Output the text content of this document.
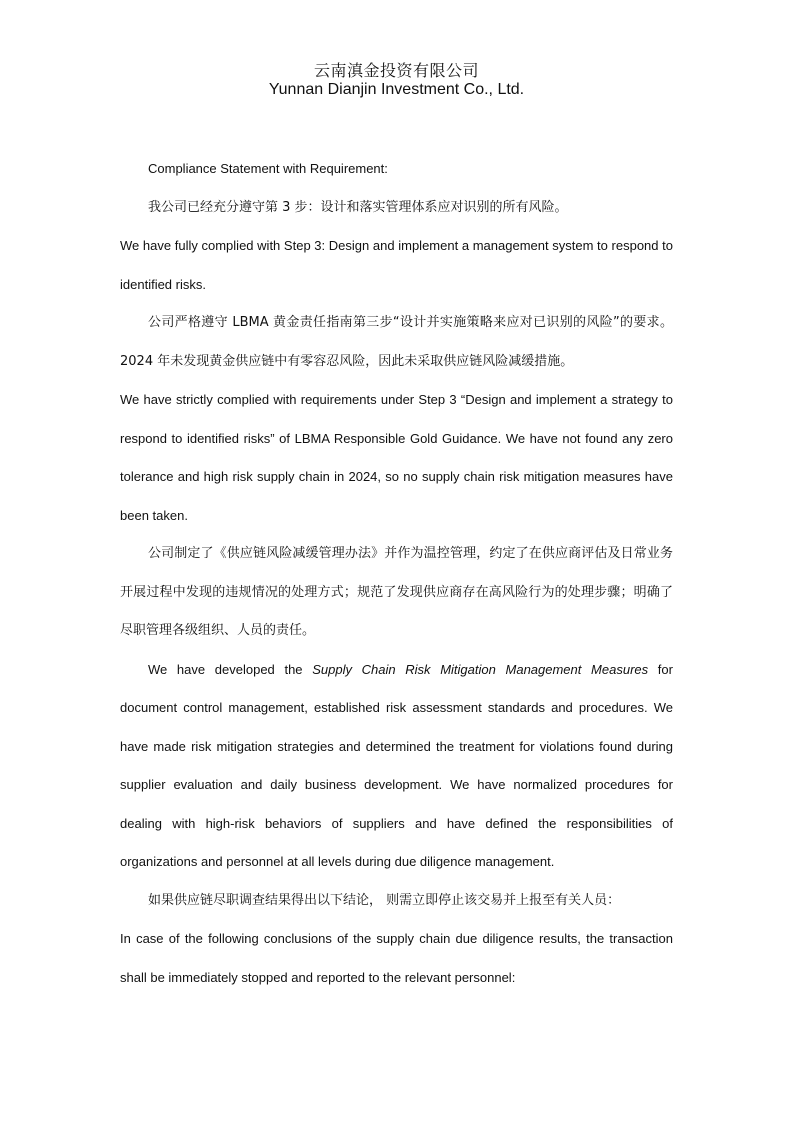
云南滇金投资有限公司
Yunnan Dianjin Investment Co., Ltd.

Compliance Statement with Requirement:

我公司已经充分遵守第 3 步：设计和落实管理体系应对识别的所有风险。

We have fully complied with Step 3: Design and implement a management system to respond to identified risks.

公司严格遵守 LBMA 黄金责任指南第三步“设计并实施策略来应对已识别的风险”的要求。2024 年未发现黄金供应链中有零容忍风险，因此未采取供应链风险减缓措施。

We have strictly complied with requirements under Step 3 “Design and implement a strategy to respond to identified risks” of LBMA Responsible Gold Guidance. We have not found any zero tolerance and high risk supply chain in 2024, so no supply chain risk mitigation measures have been taken.

公司制定了《供应链风险减缓管理办法》并作为温控管理，约定了在供应商评估及日常业务开展过程中发现的违规情况的处理方式；规范了发现供应商存在高风险行为的处理步骤；明确了尽职管理各级组织、人员的责任。

We have developed the Supply Chain Risk Mitigation Management Measures for document control management, established risk assessment standards and procedures. We have made risk mitigation strategies and determined the treatment for violations found during supplier evaluation and daily business development. We have normalized procedures for dealing with high-risk behaviors of suppliers and have defined the responsibilities of organizations and personnel at all levels during due diligence management.

如果供应链尽职调查结果得出以下结论， 则需立即停止该交易并上报至有关人员：

In case of the following conclusions of the supply chain due diligence results, the transaction shall be immediately stopped and reported to the relevant personnel:
